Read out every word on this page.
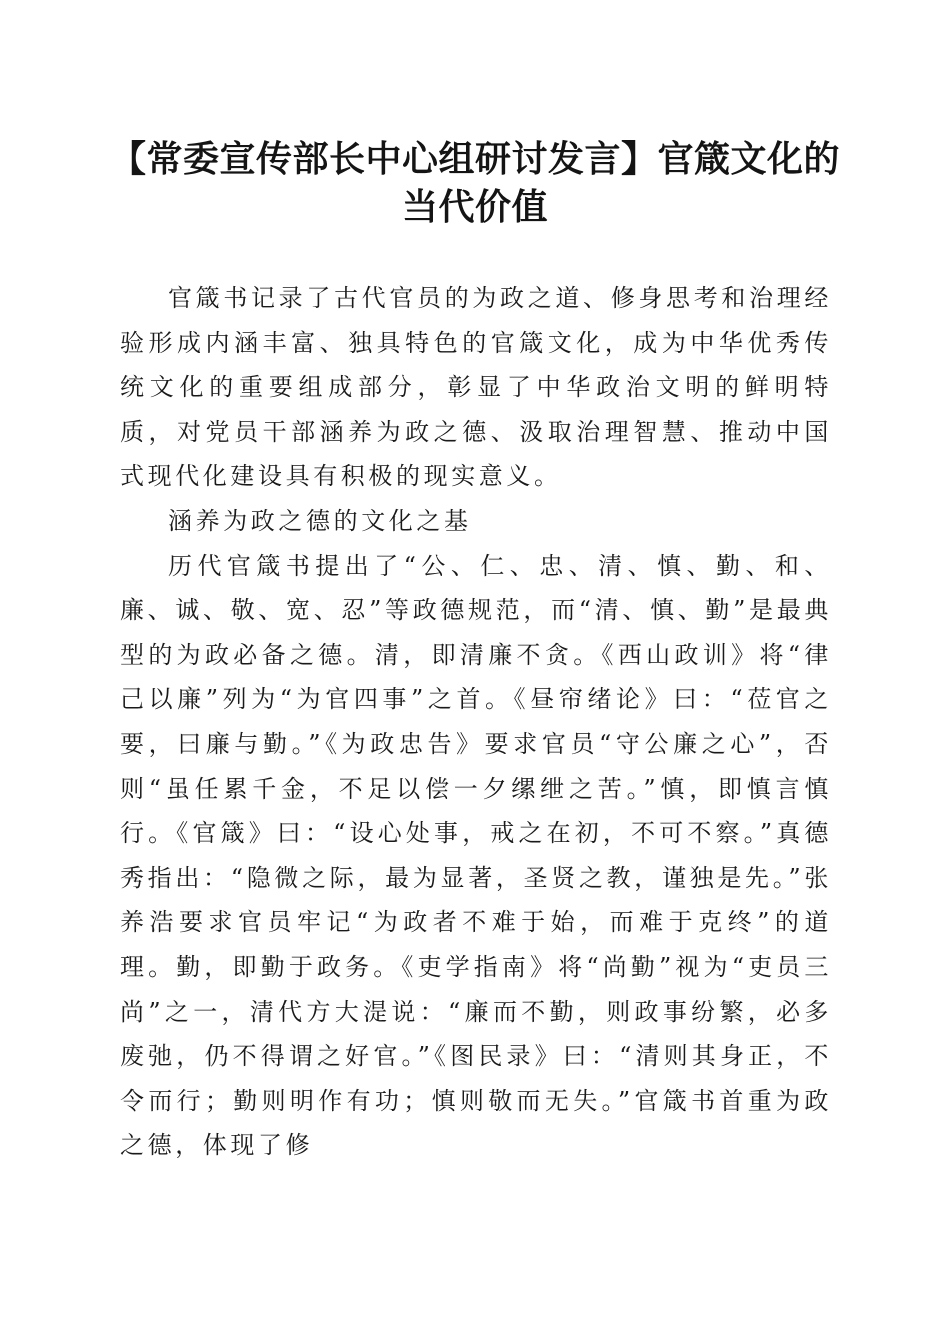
【常委宣传部长中心组研讨发言】官箴文化的当代价值

官箴书记录了古代官员的为政之道、修身思考和治理经验形成内涵丰富、独具特色的官箴文化，成为中华优秀传统文化的重要组成部分，彰显了中华政治文明的鲜明特质，对党员干部涵养为政之德、汲取治理智慧、推动中国式现代化建设具有积极的现实意义。

涵养为政之德的文化之基

历代官箴书提出了“公、仁、忠、清、慎、勤、和、廉、诚、敬、宽、忍”等政德规范，而“清、慎、勤”是最典型的为政必备之德。清，即清廉不贪。《西山政训》将“律己以廉”列为“为官四事”之首。《昼帘绪论》曰：“莅官之要，曰廉与勤。”《为政忠告》要求官员“守公廉之心”，否则“虽任累千金，不足以偿一夕缧绁之苦。”慎，即慎言慎行。《官箴》曰：“设心处事，戒之在初，不可不察。”真德秀指出：“隐微之际，最为显著，圣贤之教，谨独是先。”张养浩要求官员牢记“为政者不难于始，而难于克终”的道理。勤，即勤于政务。《吏学指南》将“尚勤”视为“吏员三尚”之一，清代方大湜说：“廉而不勤，则政事纷繁，必多废弛，仍不得谓之好官。”《图民录》曰：“清则其身正，不令而行；勤则明作有功；慎则敬而无失。”官箴书首重为政之德，体现了修
